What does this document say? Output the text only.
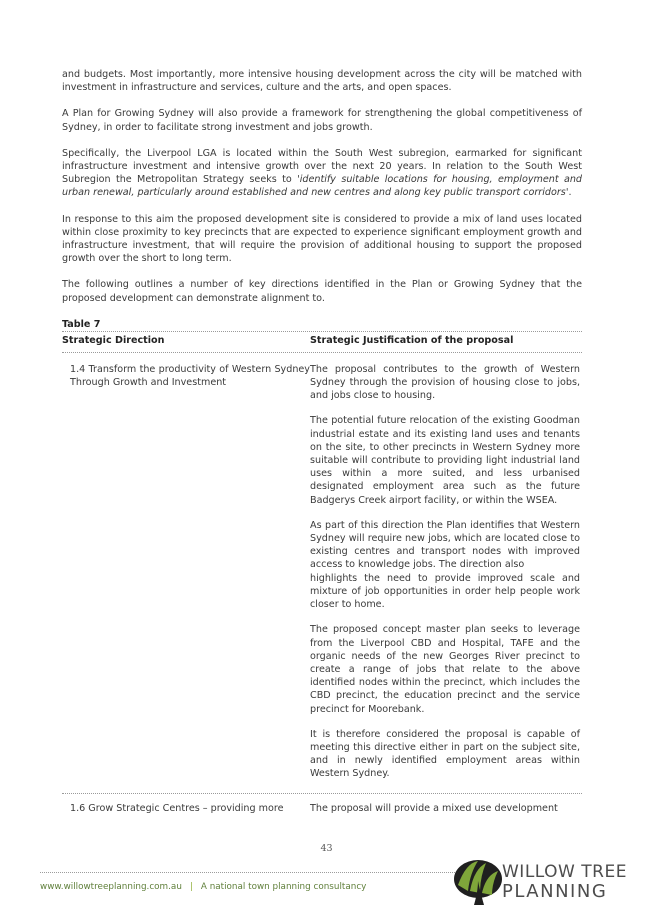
and budgets. Most importantly, more intensive housing development across the city will be matched with investment in infrastructure and services, culture and the arts, and open spaces.

A Plan for Growing Sydney will also provide a framework for strengthening the global competitiveness of Sydney, in order to facilitate strong investment and jobs growth.

Specifically, the Liverpool LGA is located within the South West subregion, earmarked for significant infrastructure investment and intensive growth over the next 20 years. In relation to the South West Subregion the Metropolitan Strategy seeks to 'identify suitable locations for housing, employment and urban renewal, particularly around established and new centres and along key public transport corridors'.

In response to this aim the proposed development site is considered to provide a mix of land uses located within close proximity to key precincts that are expected to experience significant employment growth and infrastructure investment, that will require the provision of additional housing to support the proposed growth over the short to long term.

The following outlines a number of key directions identified in the Plan or Growing Sydney that the proposed development can demonstrate alignment to.

Table 7
Strategic Direction	Strategic Justification of the proposal
1.4 Transform the productivity of Western Sydney Through Growth and Investment

The proposal contributes to the growth of Western Sydney through the provision of housing close to jobs, and jobs close to housing.

The potential future relocation of the existing Goodman industrial estate and its existing land uses and tenants on the site, to other precincts in Western Sydney more suitable will contribute to providing light industrial land uses within a more suited, and less urbanised designated employment area such as the future Badgerys Creek airport facility, or within the WSEA.

As part of this direction the Plan identifies that Western Sydney will require new jobs, which are located close to existing centres and transport nodes with improved access to knowledge jobs. The direction also
highlights the need to provide improved scale and mixture of job opportunities in order help people work closer to home.

The proposed concept master plan seeks to leverage from the Liverpool CBD and Hospital, TAFE and the organic needs of the new Georges River precinct to create a range of jobs that relate to the above identified nodes within the precinct, which includes the CBD precinct, the education precinct and the service precinct for Moorebank.

It is therefore considered the proposal is capable of meeting this directive either in part on the subject site, and in newly identified employment areas within Western Sydney.

1.6 Grow Strategic Centres – providing more	The proposal will provide a mixed use development

43
www.willowtreeplanning.com.au | A national town planning consultancy
WILLOW TREE
PLANNING
